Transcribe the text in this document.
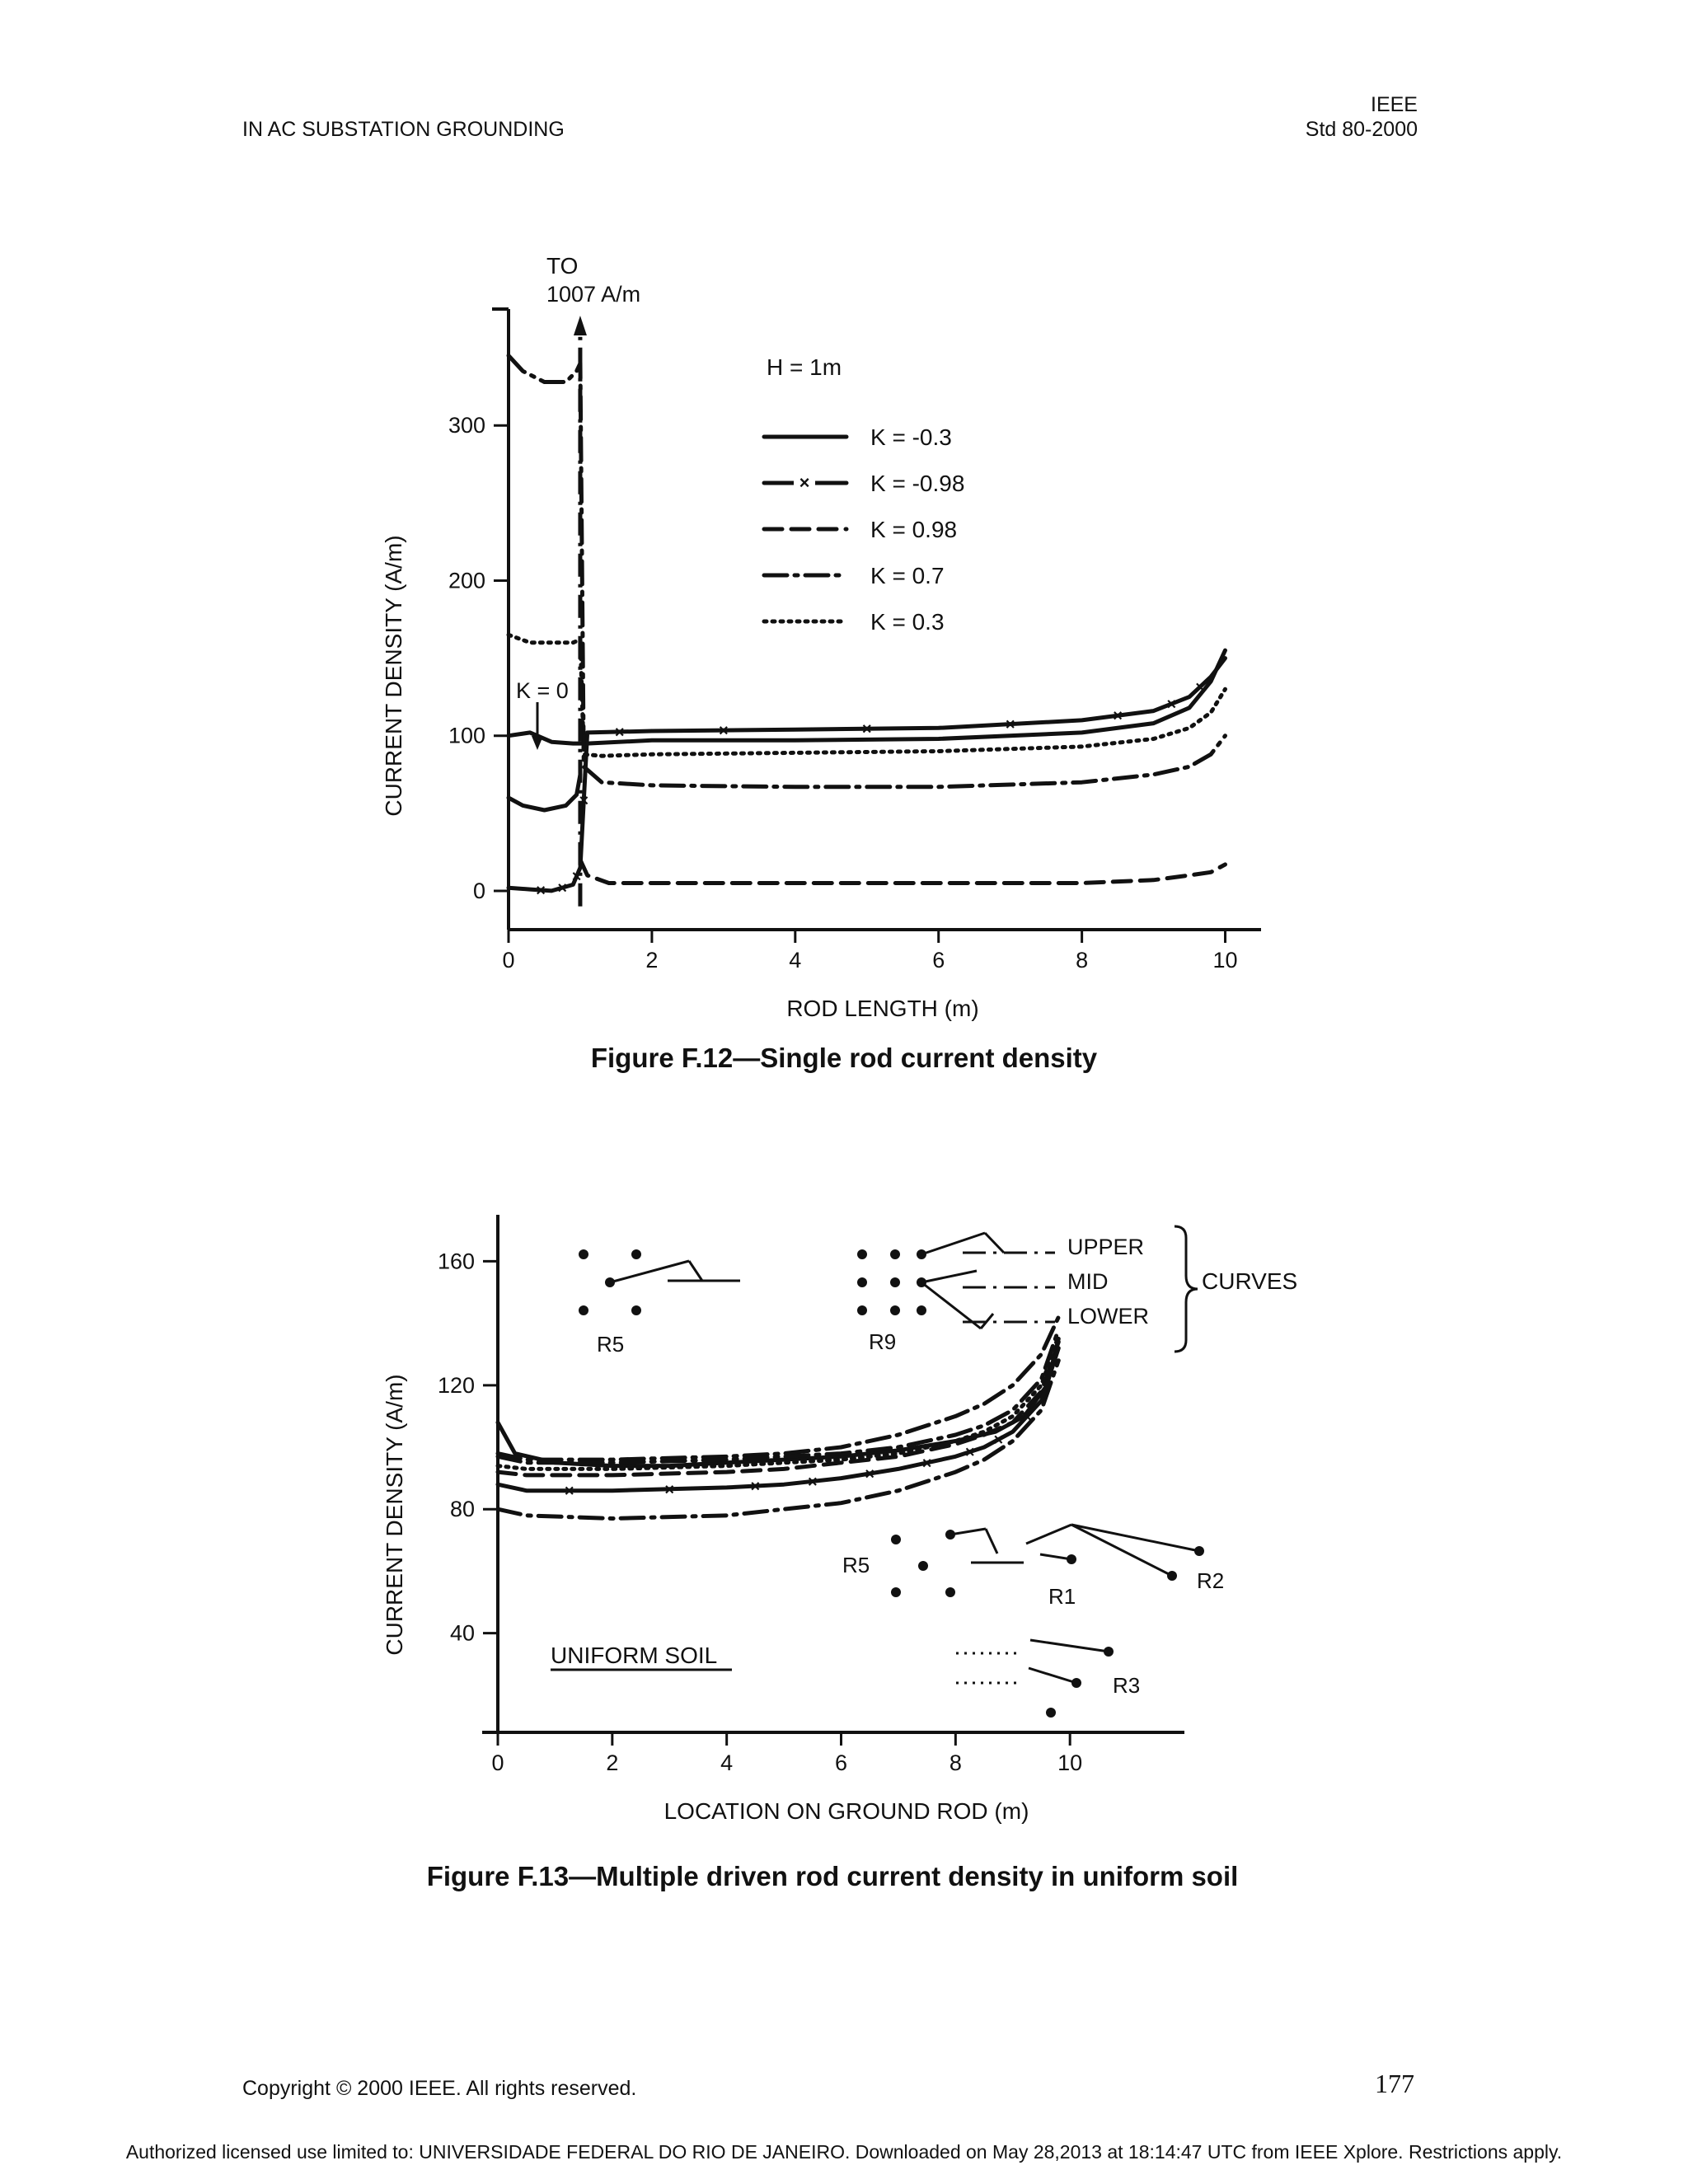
IN AC SUBSTATION GROUNDING
IEEE
Std 80-2000
0	2	4	6	8	10
0
100
200
300
× ×
×
×
×	×	×	×	×
×
×
K = -0.3
×	K = -0.98
K = 0.98
K = 0.7
K = 0.3
TO
1007 A/m
H = 1m
K = 0
ROD LENGTH (m)
CURRENT DENSITY (A/m)
Figure F.12—Single rod current density
0	2	4	6	8	10
40
80
120
160
×	×	×	×	×
×
×
×
×
UNIFORM SOIL
R5	R9
UPPER
MID
LOWER
CURVES
R5
R1
R2
R3
LOCATION ON GROUND ROD (m)
CURRENT DENSITY (A/m)
Figure F.13—Multiple driven rod current density in uniform soil
Copyright © 2000 IEEE. All rights reserved.	177
Authorized licensed use limited to: UNIVERSIDADE FEDERAL DO RIO DE JANEIRO. Downloaded on May 28,2013 at 18:14:47 UTC from IEEE Xplore. Restrictions apply.
